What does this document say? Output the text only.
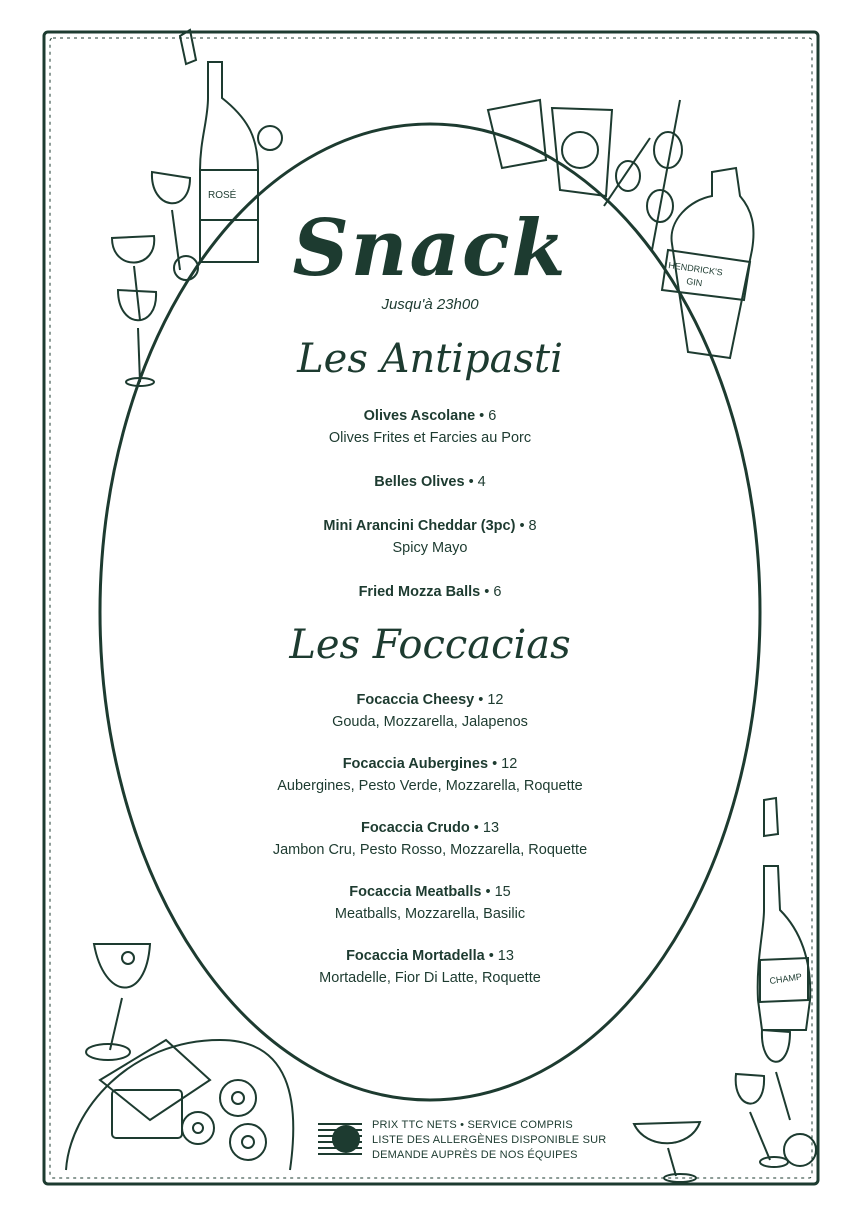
ROSÉ
HENDRICK'S
GIN
CHAMP
Snack
Jusqu'à 23h00
Les Antipasti
Olives Ascolane • 6
Olives Frites et Farcies au Porc
Belles Olives • 4
Mini Arancini Cheddar (3pc) • 8
Spicy Mayo
Fried Mozza Balls • 6
Les Foccacias
Focaccia Cheesy • 12
Gouda, Mozzarella, Jalapenos
Focaccia Aubergines • 12
Aubergines, Pesto Verde, Mozzarella, Roquette
Focaccia Crudo • 13
Jambon Cru, Pesto Rosso, Mozzarella, Roquette
Focaccia Meatballs • 15
Meatballs, Mozzarella, Basilic
Focaccia Mortadella • 13
Mortadelle, Fior Di Latte, Roquette
PRIX TTC NETS • SERVICE COMPRIS
LISTE DES ALLERGÈNES DISPONIBLE SUR
DEMANDE AUPRÈS DE NOS ÉQUIPES
